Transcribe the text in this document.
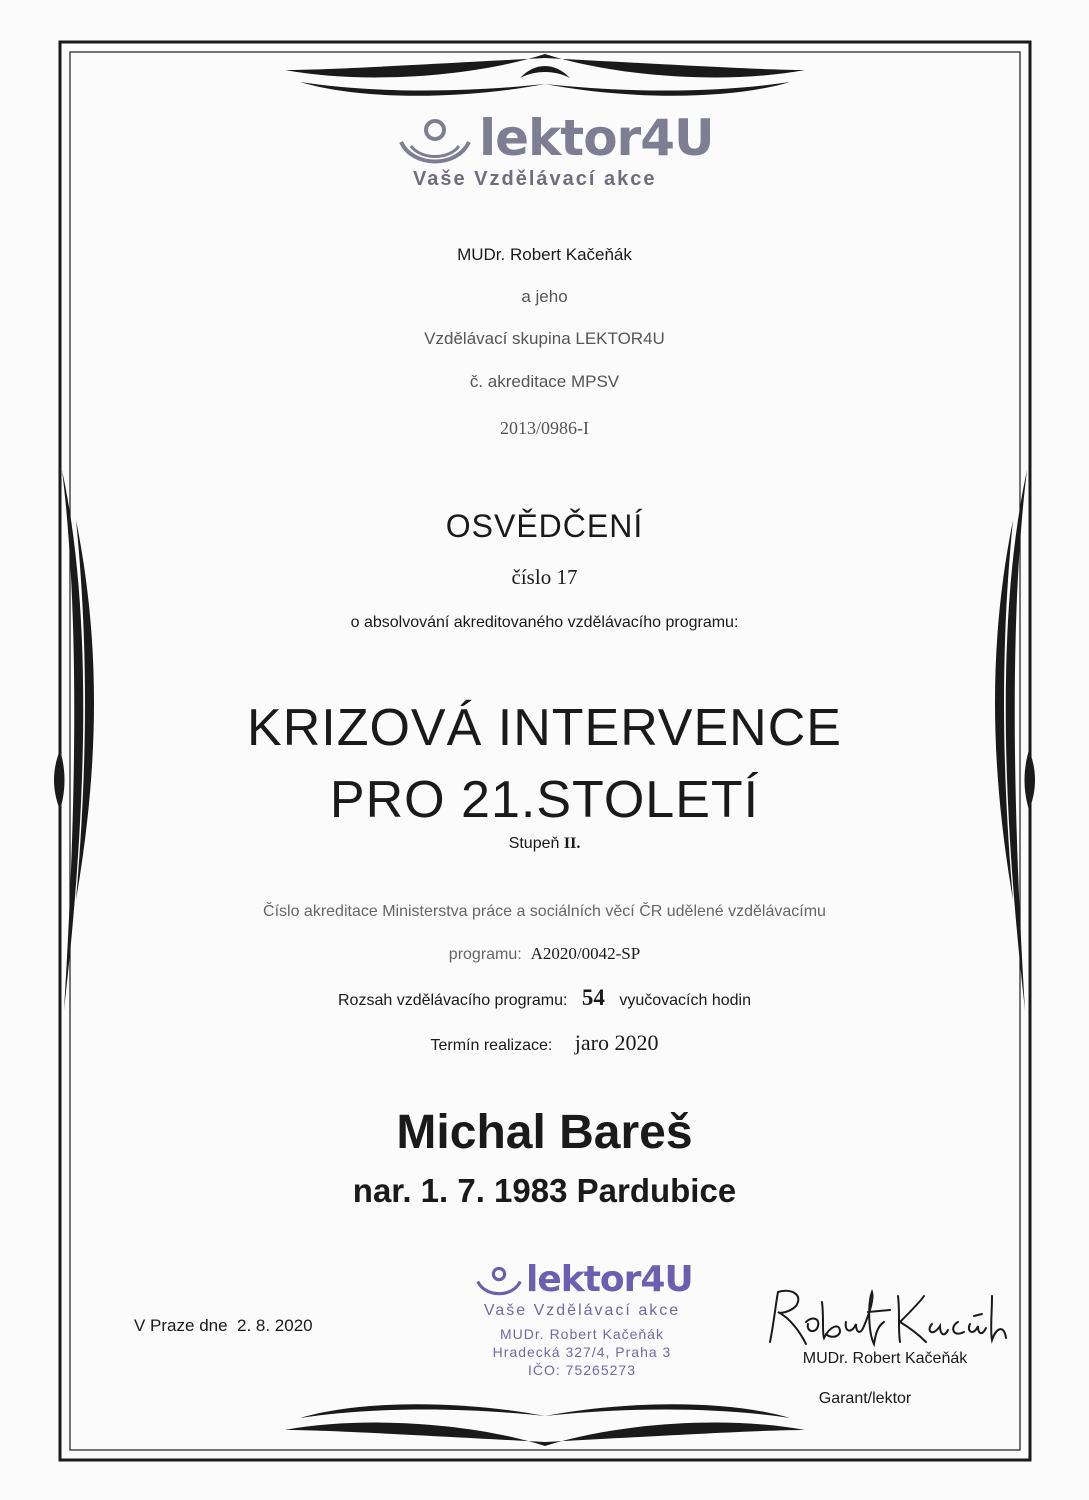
lektor4U
Vaše Vzdělávací akce
MUDr. Robert Kačeňák
a jeho
Vzdělávací skupina LEKTOR4U
č. akreditace MPSV
2013/0986-I
OSVĚDČENÍ
číslo 17
o absolvování akreditovaného vzdělávacího programu:
KRIZOVÁ INTERVENCE
PRO 21.STOLETÍ
Stupeň II.
Číslo akreditace Ministerstva práce a sociálních věcí ČR udělené vzdělávacímu
programu: A2020/0042-SP
Rozsah vzdělávacího programu: 54 vyučovacích hodin
Termín realizace: jaro 2020
Michal Bareš
nar. 1. 7. 1983 Pardubice
V Praze dne  2. 8. 2020
lektor4U
Vaše Vzdělávací akce
MUDr. Robert Kačeňák
Hradecká 327/4, Praha 3
IČO: 75265273
MUDr. Robert Kačeňák
Garant/lektor
